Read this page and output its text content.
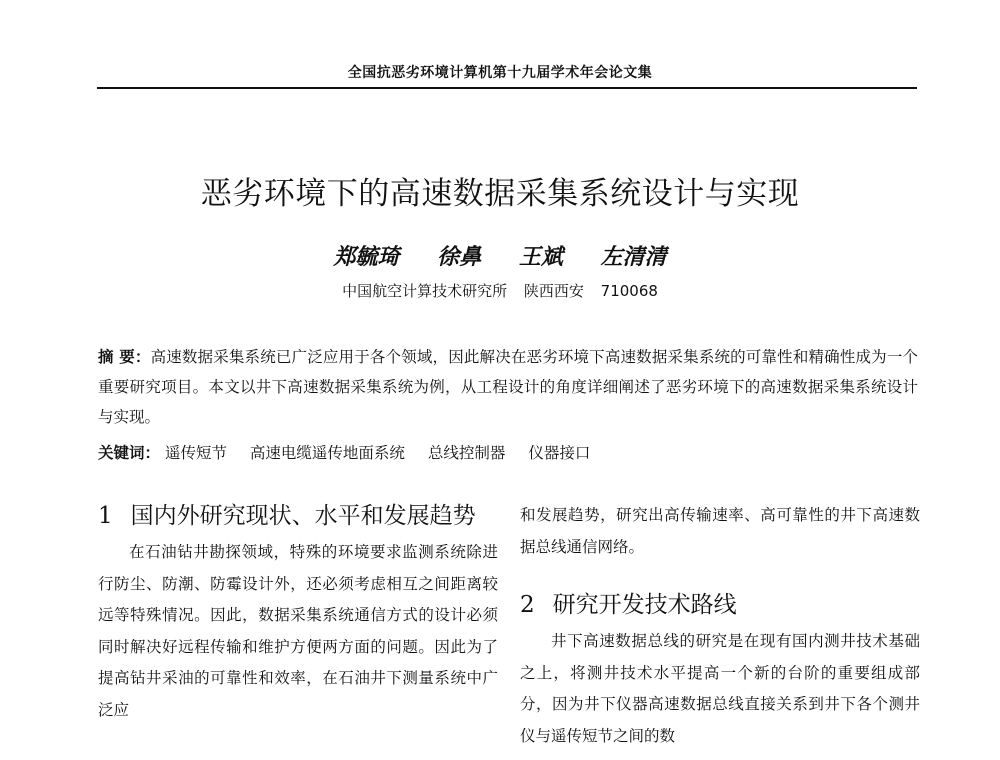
全国抗恶劣环境计算机第十九届学术年会论文集
恶劣环境下的高速数据采集系统设计与实现
郑毓琦 徐鼻 王斌 左清清
中国航空计算技术研究所 陕西西安 710068
摘 要：高速数据采集系统已广泛应用于各个领域，因此解决在恶劣环境下高速数据采集系统的可靠性和精确性成为一个重要研究项目。本文以井下高速数据采集系统为例，从工程设计的角度详细阐述了恶劣环境下的高速数据采集系统设计与实现。
关键词： 遥传短节 高速电缆遥传地面系统 总线控制器 仪器接口
1 国内外研究现状、水平和发展趋势

在石油钻井勘探领域，特殊的环境要求监测系统除进行防尘、防潮、防霉设计外，还必须考虑相互之间距离较远等特殊情况。因此，数据采集系统通信方式的设计必须同时解决好远程传输和维护方便两方面的问题。因此为了提高钻井采油的可靠性和效率，在石油井下测量系统中广泛应

和发展趋势，研究出高传输速率、高可靠性的井下高速数据总线通信网络。

2 研究开发技术路线

井下高速数据总线的研究是在现有国内测井技术基础之上，将测井技术水平提高一个新的台阶的重要组成部分，因为井下仪器高速数据总线直接关系到井下各个测井仪与遥传短节之间的数
